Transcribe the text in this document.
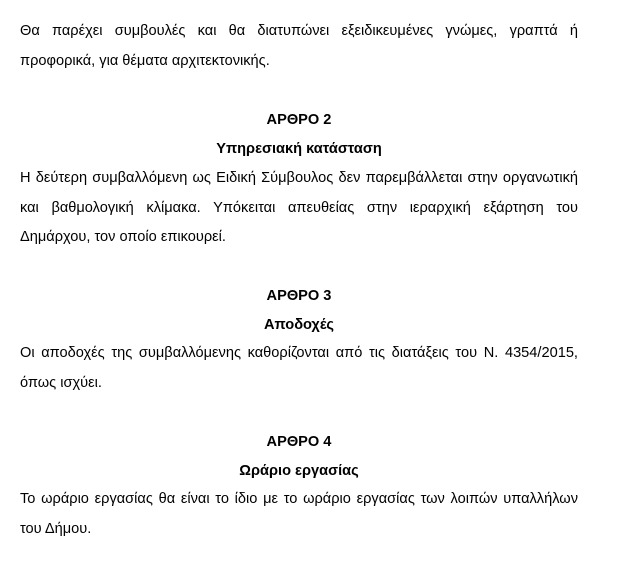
Θα παρέχει συμβουλές και θα διατυπώνει εξειδικευμένες γνώμες, γραπτά ή προφορικά, για θέματα αρχιτεκτονικής.

ΑΡΘΡΟ 2
Υπηρεσιακή κατάσταση

Η δεύτερη συμβαλλόμενη ως Ειδική Σύμβουλος δεν παρεμβάλλεται στην οργανωτική και βαθμολογική κλίμακα. Υπόκειται απευθείας στην ιεραρχική εξάρτηση του Δημάρχου, τον οποίο επικουρεί.

ΑΡΘΡΟ 3
Αποδοχές

Οι αποδοχές της συμβαλλόμενης καθορίζονται από τις διατάξεις του Ν. 4354/2015, όπως ισχύει.

ΑΡΘΡΟ 4
Ωράριο εργασίας

Το ωράριο εργασίας θα είναι το ίδιο με το ωράριο εργασίας των λοιπών υπαλλήλων του Δήμου.
